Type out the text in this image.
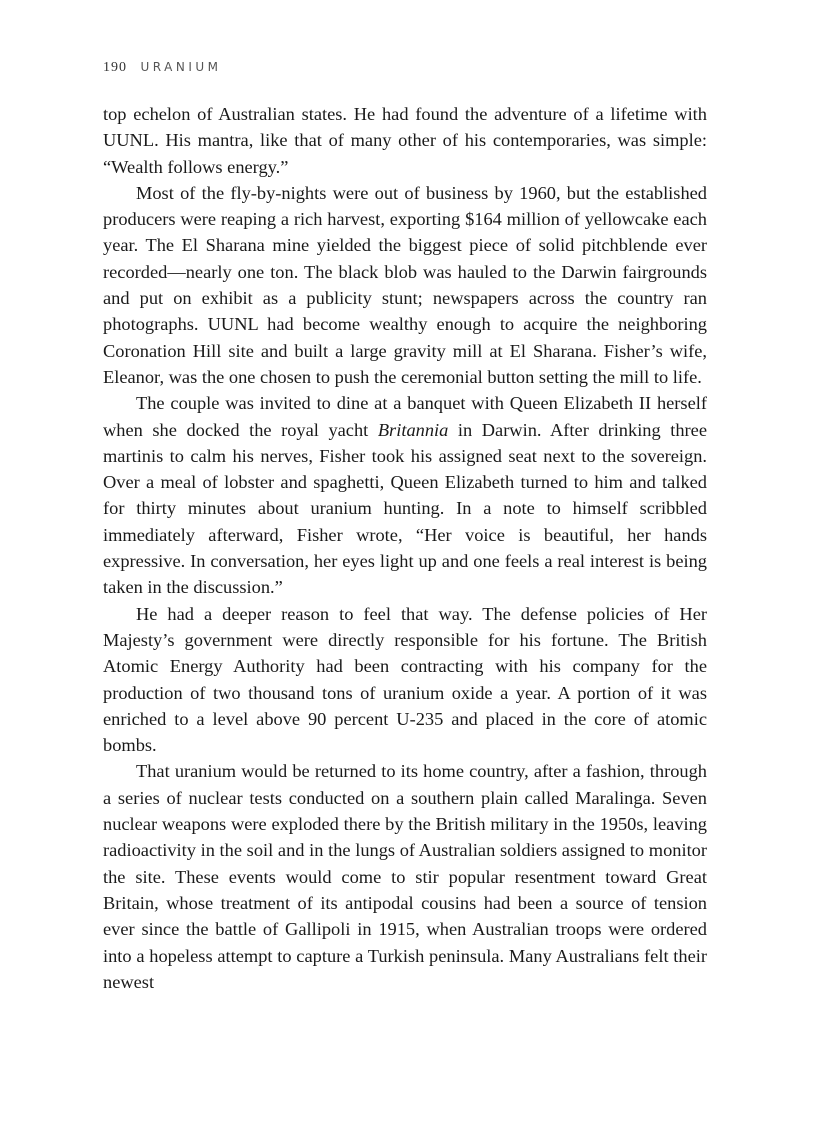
190 URANIUM

top echelon of Australian states. He had found the adventure of a lifetime with UUNL. His mantra, like that of many other of his contemporaries, was simple: “Wealth follows energy.”

Most of the fly-by-nights were out of business by 1960, but the established producers were reaping a rich harvest, exporting $164 million of yellowcake each year. The El Sharana mine yielded the biggest piece of solid pitchblende ever recorded—nearly one ton. The black blob was hauled to the Darwin fairgrounds and put on exhibit as a publicity stunt; newspapers across the country ran photographs. UUNL had become wealthy enough to acquire the neighboring Coronation Hill site and built a large gravity mill at El Sharana. Fisher’s wife, Eleanor, was the one chosen to push the ceremonial button setting the mill to life.

The couple was invited to dine at a banquet with Queen Elizabeth II herself when she docked the royal yacht Britannia in Darwin. After drinking three martinis to calm his nerves, Fisher took his assigned seat next to the sovereign. Over a meal of lobster and spaghetti, Queen Elizabeth turned to him and talked for thirty minutes about uranium hunting. In a note to himself scribbled immediately afterward, Fisher wrote, “Her voice is beautiful, her hands expressive. In conversation, her eyes light up and one feels a real interest is being taken in the discussion.”

He had a deeper reason to feel that way. The defense policies of Her Majesty’s government were directly responsible for his fortune. The British Atomic Energy Authority had been contracting with his company for the production of two thousand tons of uranium oxide a year. A portion of it was enriched to a level above 90 percent U-235 and placed in the core of atomic bombs.

That uranium would be returned to its home country, after a fashion, through a series of nuclear tests conducted on a southern plain called Maralinga. Seven nuclear weapons were exploded there by the British military in the 1950s, leaving radioactivity in the soil and in the lungs of Australian soldiers assigned to monitor the site. These events would come to stir popular resentment toward Great Britain, whose treatment of its antipodal cousins had been a source of tension ever since the battle of Gallipoli in 1915, when Australian troops were ordered into a hopeless attempt to capture a Turkish peninsula. Many Australians felt their newest
